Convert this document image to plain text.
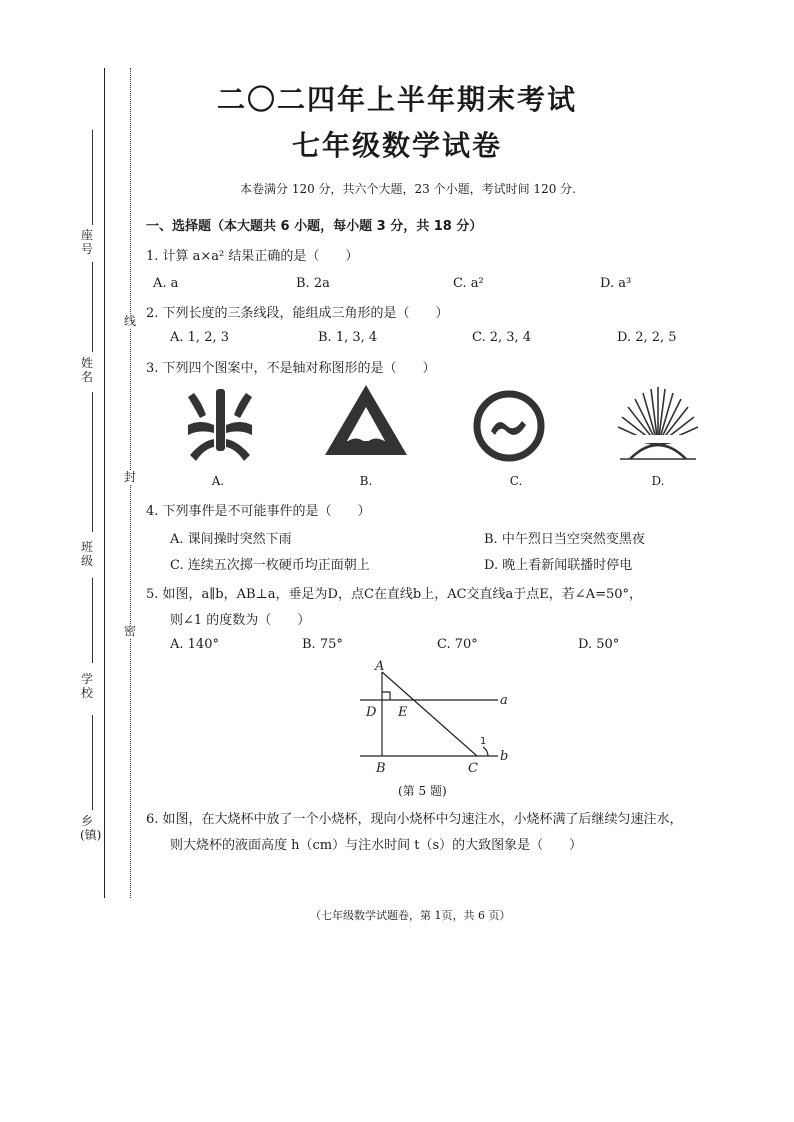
座号
姓名
班级
学校
乡(镇)
线
封
密
二〇二四年上半年期末考试
七年级数学试卷
本卷满分 120 分，共六个大题，23 个小题，考试时间 120 分.
一、选择题（本大题共 6 小题，每小题 3 分，共 18 分）
1. 计算 a×a² 结果正确的是（　　）
A. a	B. 2a	C. a²	D. a³
2. 下列长度的三条线段，能组成三角形的是（　　）
A. 1, 2, 3	B. 1, 3, 4	C. 2, 3, 4	D. 2, 2, 5
3. 下列四个图案中，不是轴对称图形的是（　　）
A.	B.	C.	D.
4. 下列事件是不可能事件的是（　　）
A. 课间操时突然下雨	B. 中午烈日当空突然变黑夜
C. 连续五次掷一枚硬币均正面朝上	D. 晚上看新闻联播时停电
5. 如图，a∥b，AB⊥a，垂足为D，点C在直线b上，AC交直线a于点E，若∠A=50°，
则∠1 的度数为（　　）
A. 140°	B. 75°	C. 70°	D. 50°
A
D E
B	C
a
b
1
(第 5 题)
6. 如图，在大烧杯中放了一个小烧杯，现向小烧杯中匀速注水，小烧杯满了后继续匀速注水，
则大烧杯的液面高度 h（cm）与注水时间 t（s）的大致图象是（　　）
（七年级数学试题卷，第 1页，共 6 页）
